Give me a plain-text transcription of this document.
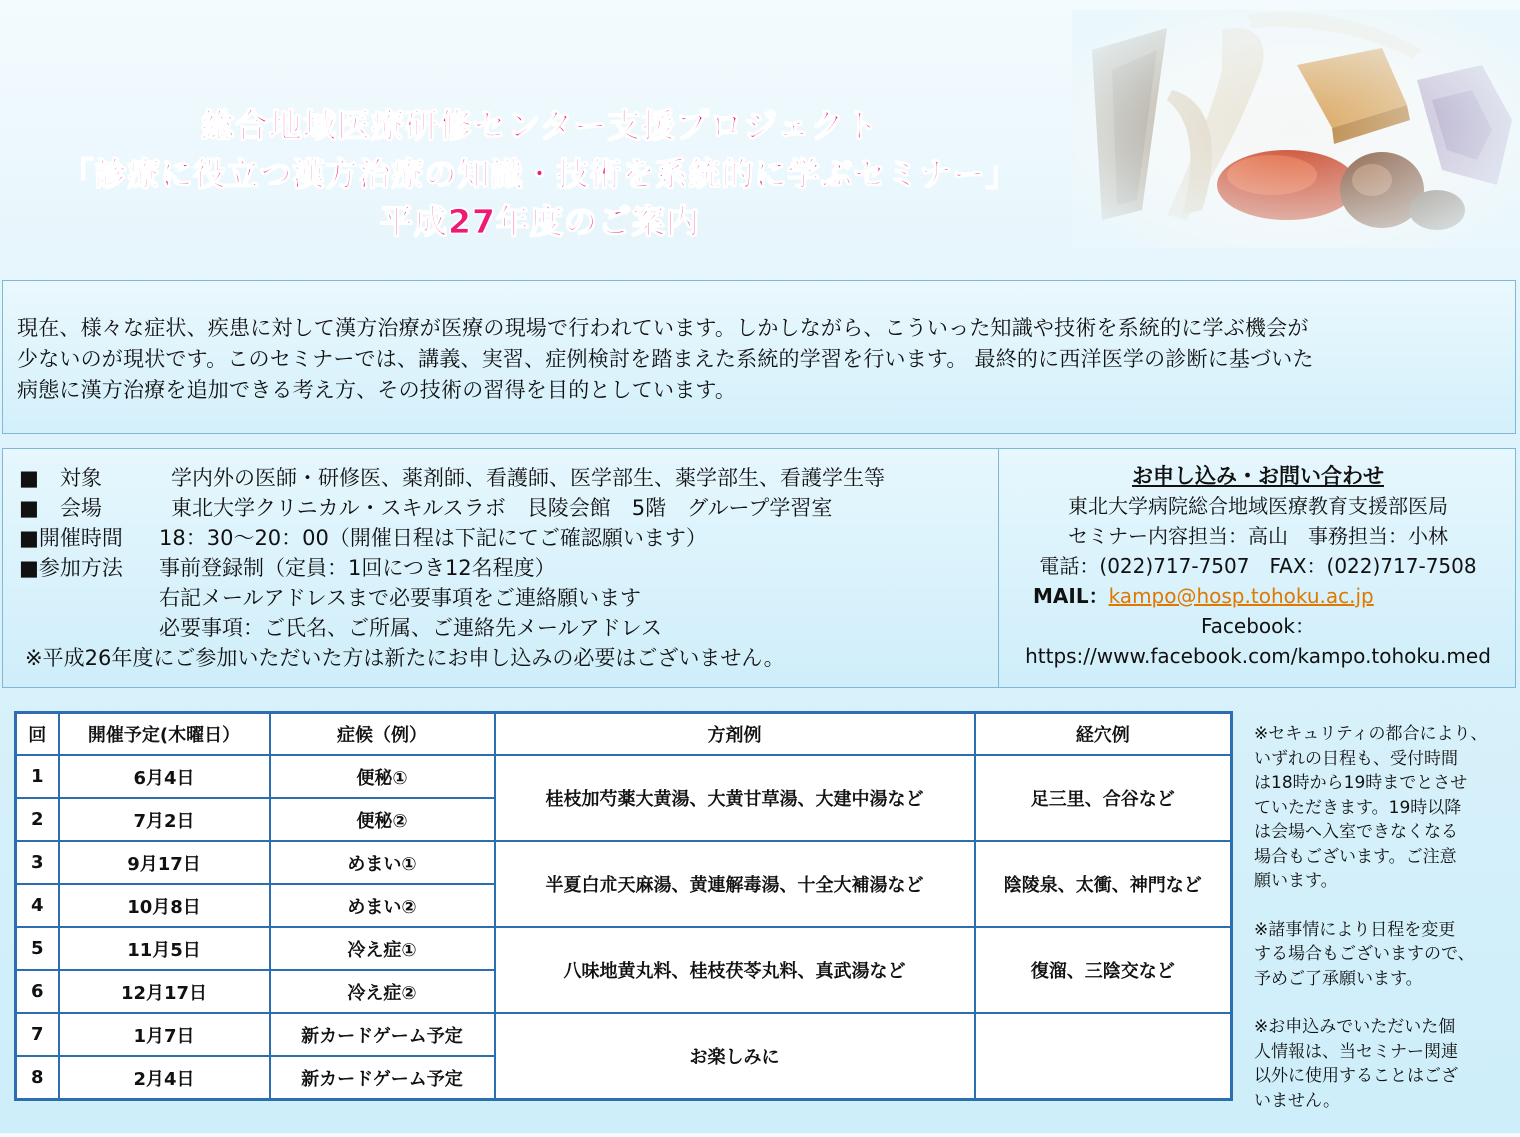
総合地域医療研修センター支援プロジェクト
「診療に役立つ漢方治療の知識・技術を系統的に学ぶセミナー」
平成27年度のご案内
現在、様々な症状、疾患に対して漢方治療が医療の現場で行われています。しかしながら、こういった知識や技術を系統的に学ぶ機会が
少ないのが現状です。このセミナーでは、講義、実習、症例検討を踏まえた系統的学習を行います。 最終的に西洋医学の診断に基づいた
病態に漢方治療を追加できる考え方、その技術の習得を目的としています。
■　対象	学内外の医師・研修医、薬剤師、看護師、医学部生、薬学部生、看護学生等
■　会場	東北大学クリニカル・スキルスラボ　艮陵会館　5階　グループ学習室
■開催時間 18：30～20：00（開催日程は下記にてご確認願います）
■参加方法 事前登録制（定員：1回につき12名程度）
右記メールアドレスまで必要事項をご連絡願います
必要事項：ご氏名、ご所属、ご連絡先メールアドレス
※平成26年度にご参加いただいた方は新たにお申し込みの必要はございません。
お申し込み・お問い合わせ
東北大学病院総合地域医療教育支援部医局
セミナー内容担当：高山　事務担当：小林
電話：(022)717-7507　FAX：(022)717-7508
MAIL：kampo@hosp.tohoku.ac.jp
Facebook：
https://www.facebook.com/kampo.tohoku.med
回	開催予定(木曜日）	症候（例）	方剤例	経穴例
1	6月4日	便秘①	桂枝加芍薬大黄湯、大黄甘草湯、大建中湯など	足三里、合谷など
2	7月2日	便秘②		
3	9月17日	めまい①	半夏白朮天麻湯、黄連解毒湯、十全大補湯など	陰陵泉、太衝、神門など
4	10月8日	めまい②		
5	11月5日	冷え症①	八味地黄丸料、桂枝茯苓丸料、真武湯など	復溜、三陰交など
6	12月17日	冷え症②		
7	1月7日	新カードゲーム予定	お楽しみに	
8	2月4日	新カードゲーム予定		

※セキュリティの都合により、
いずれの日程も、受付時間
は18時から19時までとさせ
ていただきます。19時以降
は会場へ入室できなくなる
場合もございます。ご注意
願います。

※諸事情により日程を変更
する場合もございますので、
予めご了承願います。

※お申込みでいただいた個
人情報は、当セミナー関連
以外に使用することはござ
いません。
